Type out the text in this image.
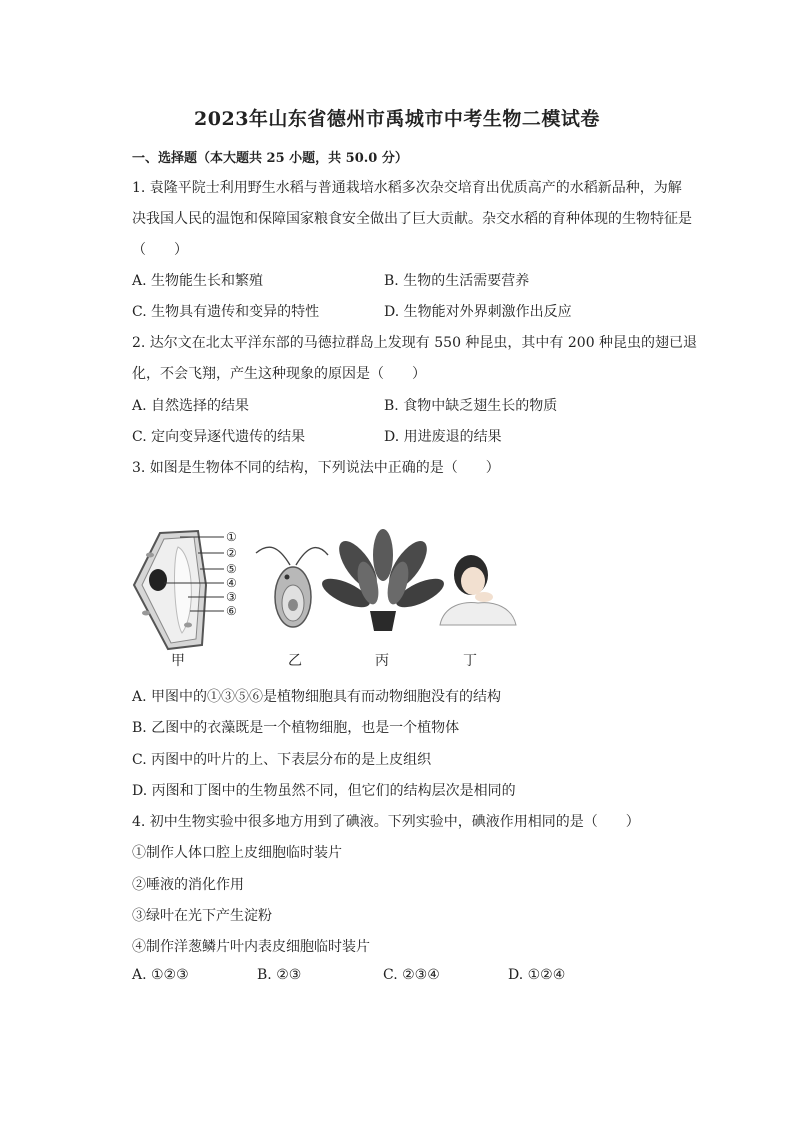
2023年山东省德州市禹城市中考生物二模试卷
一、选择题（本大题共 25 小题，共 50.0 分）
1. 袁隆平院士利用野生水稻与普通栽培水稻多次杂交培育出优质高产的水稻新品种，为解
决我国人民的温饱和保障国家粮食安全做出了巨大贡献。杂交水稻的育种体现的生物特征是
（　　）
A. 生物能生长和繁殖	B. 生物的生活需要营养
C. 生物具有遗传和变异的特性	D. 生物能对外界刺激作出反应
2. 达尔文在北太平洋东部的马德拉群岛上发现有 550 种昆虫，其中有 200 种昆虫的翅已退
化，不会飞翔，产生这种现象的原因是（　　）
A. 自然选择的结果	B. 食物中缺乏翅生长的物质
C. 定向变异逐代遗传的结果	D. 用进废退的结果
3. 如图是生物体不同的结构，下列说法中正确的是（　　）
①
②
⑤
④
③
⑥
甲	乙	丙	丁
A. 甲图中的①③⑤⑥是植物细胞具有而动物细胞没有的结构
B. 乙图中的衣藻既是一个植物细胞，也是一个植物体
C. 丙图中的叶片的上、下表层分布的是上皮组织
D. 丙图和丁图中的生物虽然不同，但它们的结构层次是相同的
4. 初中生物实验中很多地方用到了碘液。下列实验中，碘液作用相同的是（　　）
①制作人体口腔上皮细胞临时装片
②唾液的消化作用
③绿叶在光下产生淀粉
④制作洋葱鳞片叶内表皮细胞临时装片
A. ①②③	B. ②③	C. ②③④	D. ①②④
